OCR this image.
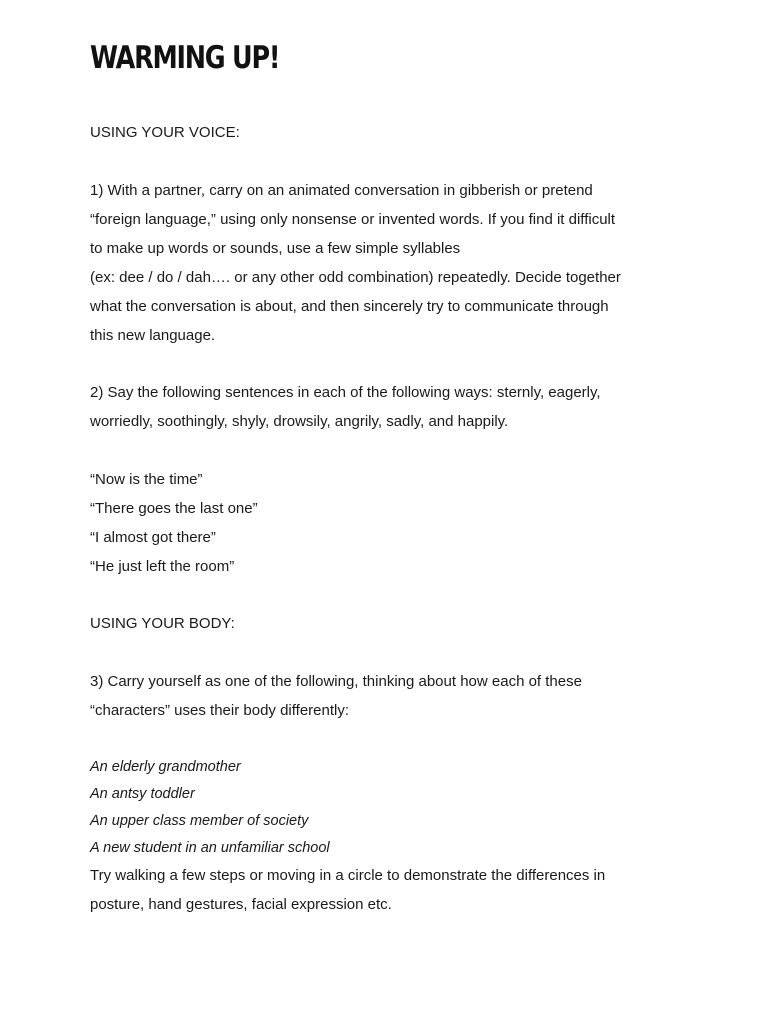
WARMING UP!

USING YOUR VOICE:

1) With a partner, carry on an animated conversation in gibberish or pretend
“foreign language,” using only nonsense or invented words. If you find it difficult
to make up words or sounds, use a few simple syllables
(ex: dee / do / dah…. or any other odd combination) repeatedly. Decide together
what the conversation is about, and then sincerely try to communicate through
this new language.

2) Say the following sentences in each of the following ways: sternly, eagerly,
worriedly, soothingly, shyly, drowsily, angrily, sadly, and happily.

“Now is the time”
“There goes the last one”
“I almost got there”
“He just left the room”

USING YOUR BODY:

3) Carry yourself as one of the following, thinking about how each of these
“characters” uses their body differently:

An elderly grandmother
An antsy toddler
An upper class member of society
A new student in an unfamiliar school

Try walking a few steps or moving in a circle to demonstrate the differences in
posture, hand gestures, facial expression etc.
